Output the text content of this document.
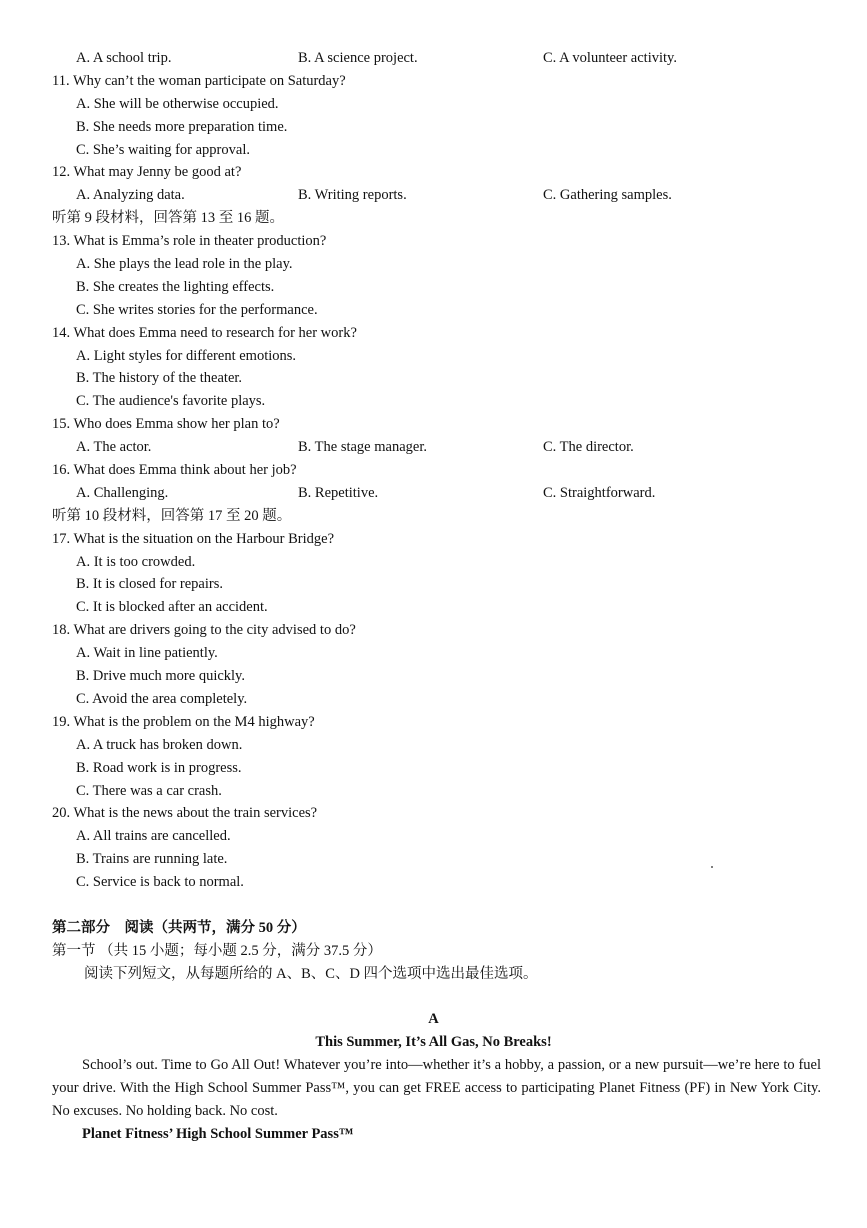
A. A school trip.	B. A science project.	C. A volunteer activity.
11. Why can’t the woman participate on Saturday?
A. She will be otherwise occupied.
B. She needs more preparation time.
C. She’s waiting for approval.
12. What may Jenny be good at?
A. Analyzing data.	B. Writing reports.	C. Gathering samples.
听第 9 段材料，回答第 13 至 16 题。
13. What is Emma’s role in theater production?
A. She plays the lead role in the play.
B. She creates the lighting effects.
C. She writes stories for the performance.
14. What does Emma need to research for her work?
A. Light styles for different emotions.
B. The history of the theater.
C. The audience's favorite plays.
15. Who does Emma show her plan to?
A. The actor.	B. The stage manager.	C. The director.
16. What does Emma think about her job?
A. Challenging.	B. Repetitive.	C. Straightforward.
听第 10 段材料，回答第 17 至 20 题。
17. What is the situation on the Harbour Bridge?
A. It is too crowded.
B. It is closed for repairs.
C. It is blocked after an accident.
18. What are drivers going to the city advised to do?
A. Wait in line patiently.
B. Drive much more quickly.
C. Avoid the area completely.
19. What is the problem on the M4 highway?
A. A truck has broken down.
B. Road work is in progress.
C. There was a car crash.
20. What is the news about the train services?
A. All trains are cancelled.
B. Trains are running late.
C. Service is back to normal.
第二部分　阅读（共两节，满分 50 分）
第一节 （共 15 小题；每小题 2.5 分，满分 37.5 分）
阅读下列短文，从每题所给的 A、B、C、D 四个选项中选出最佳选项。
A
This Summer, It’s All Gas, No Breaks!
School’s out. Time to Go All Out! Whatever you’re into—whether it’s a hobby, a passion, or a new pursuit—we’re here to fuel your drive. With the High School Summer Pass™, you can get FREE access to participating Planet Fitness (PF) in New York City. No excuses. No holding back. No cost.
Planet Fitness’ High School Summer Pass™
